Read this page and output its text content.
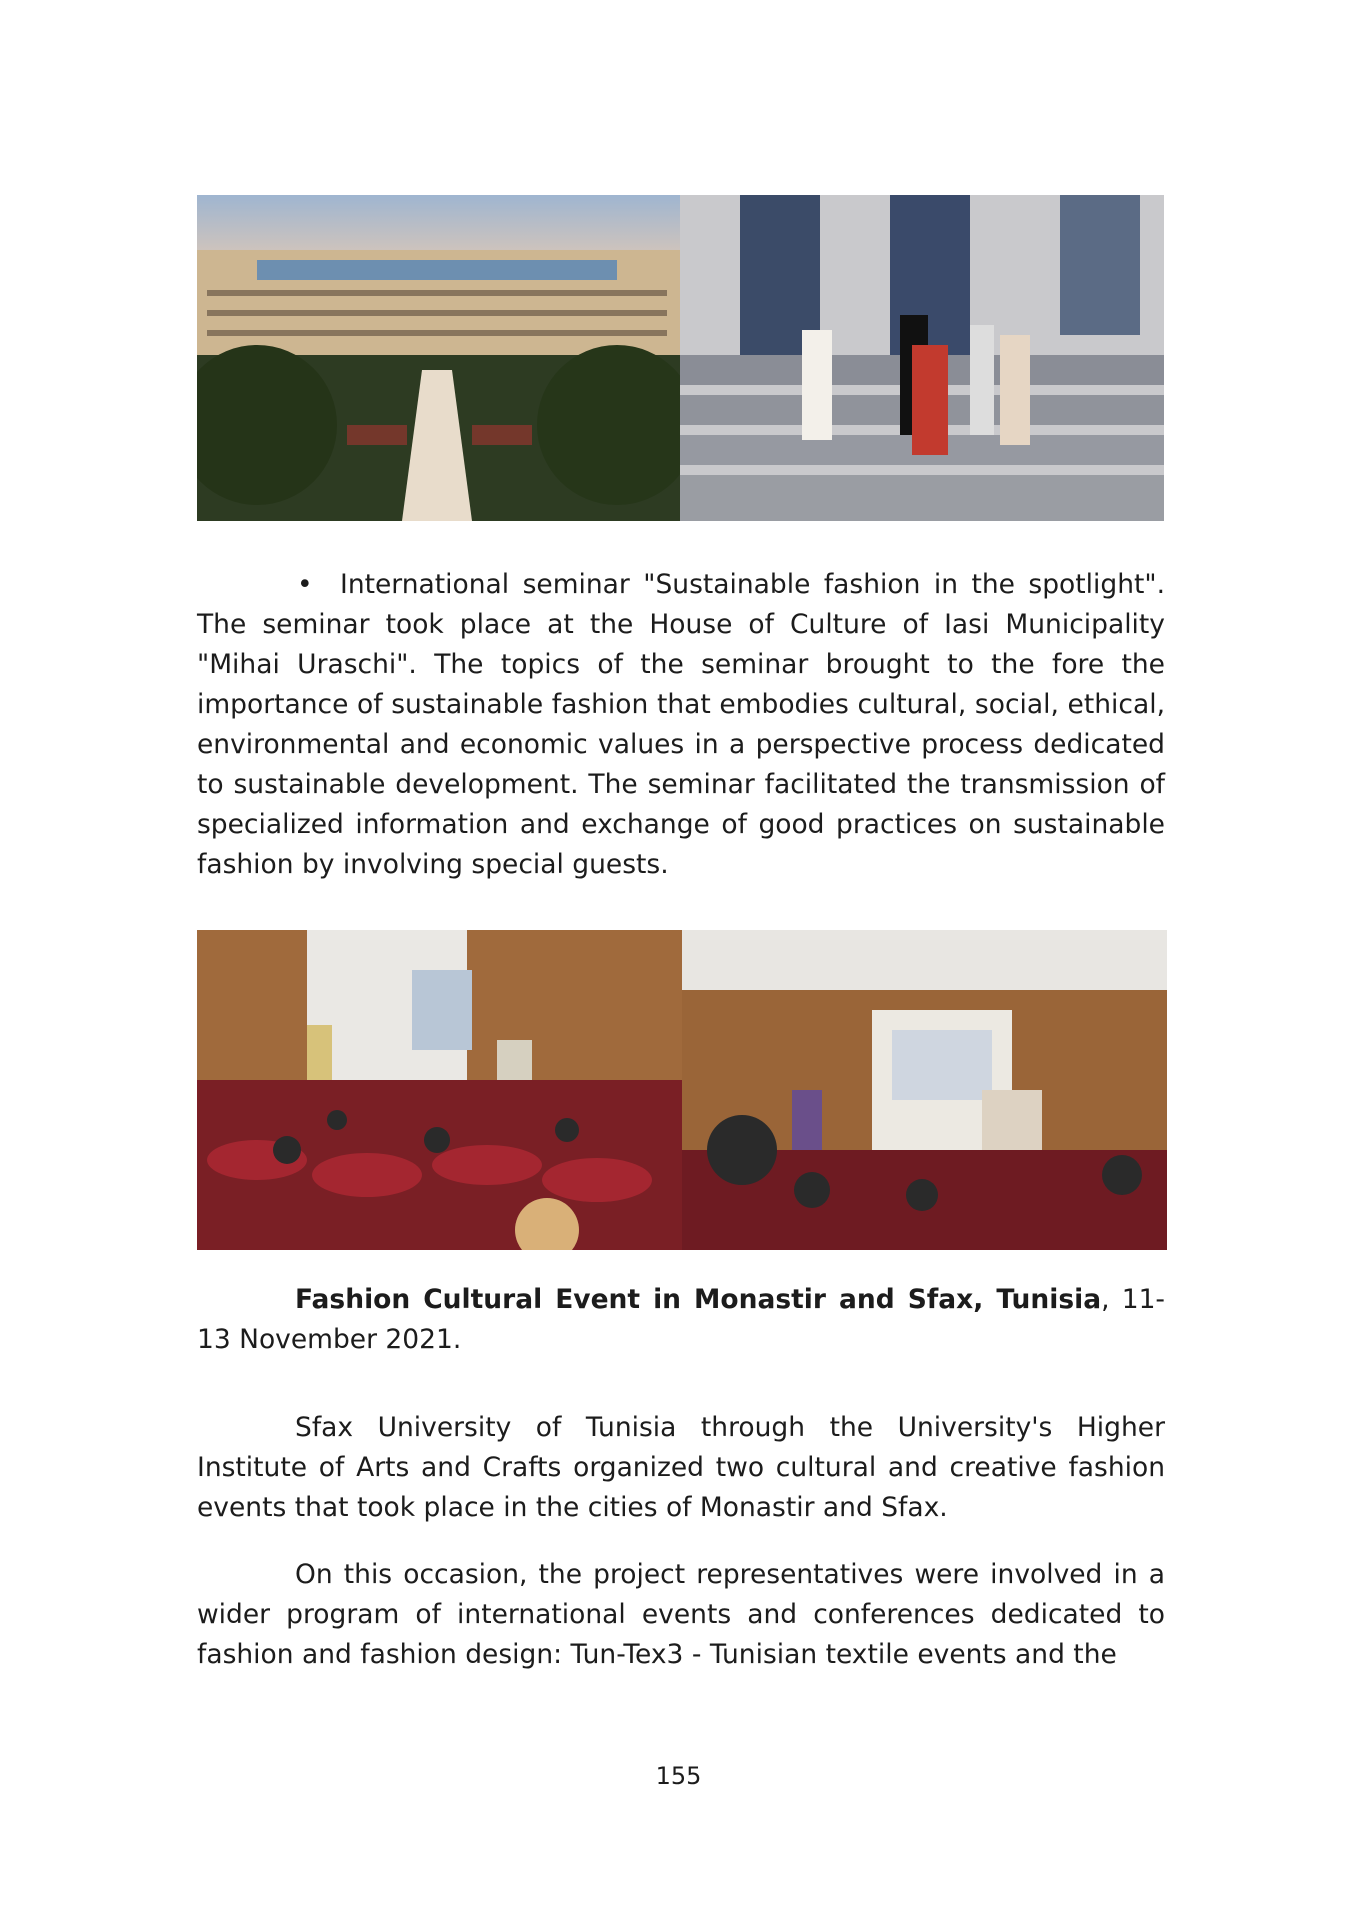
• International seminar "Sustainable fashion in the spotlight". The seminar took place at the House of Culture of Iasi Municipality "Mihai Uraschi". The topics of the seminar brought to the fore the importance of sustainable fashion that embodies cultural, social, ethical, environmental and economic values in a perspective process dedicated to sustainable development. The seminar facilitated the transmission of specialized information and exchange of good practices on sustainable fashion by involving special guests.

Fashion Cultural Event in Monastir and Sfax, Tunisia, 11-13 November 2021.

Sfax University of Tunisia through the University's Higher Institute of Arts and Crafts organized two cultural and creative fashion events that took place in the cities of Monastir and Sfax.

On this occasion, the project representatives were involved in a wider program of international events and conferences dedicated to fashion and fashion design: Tun-Tex3 - Tunisian textile events and the

155
